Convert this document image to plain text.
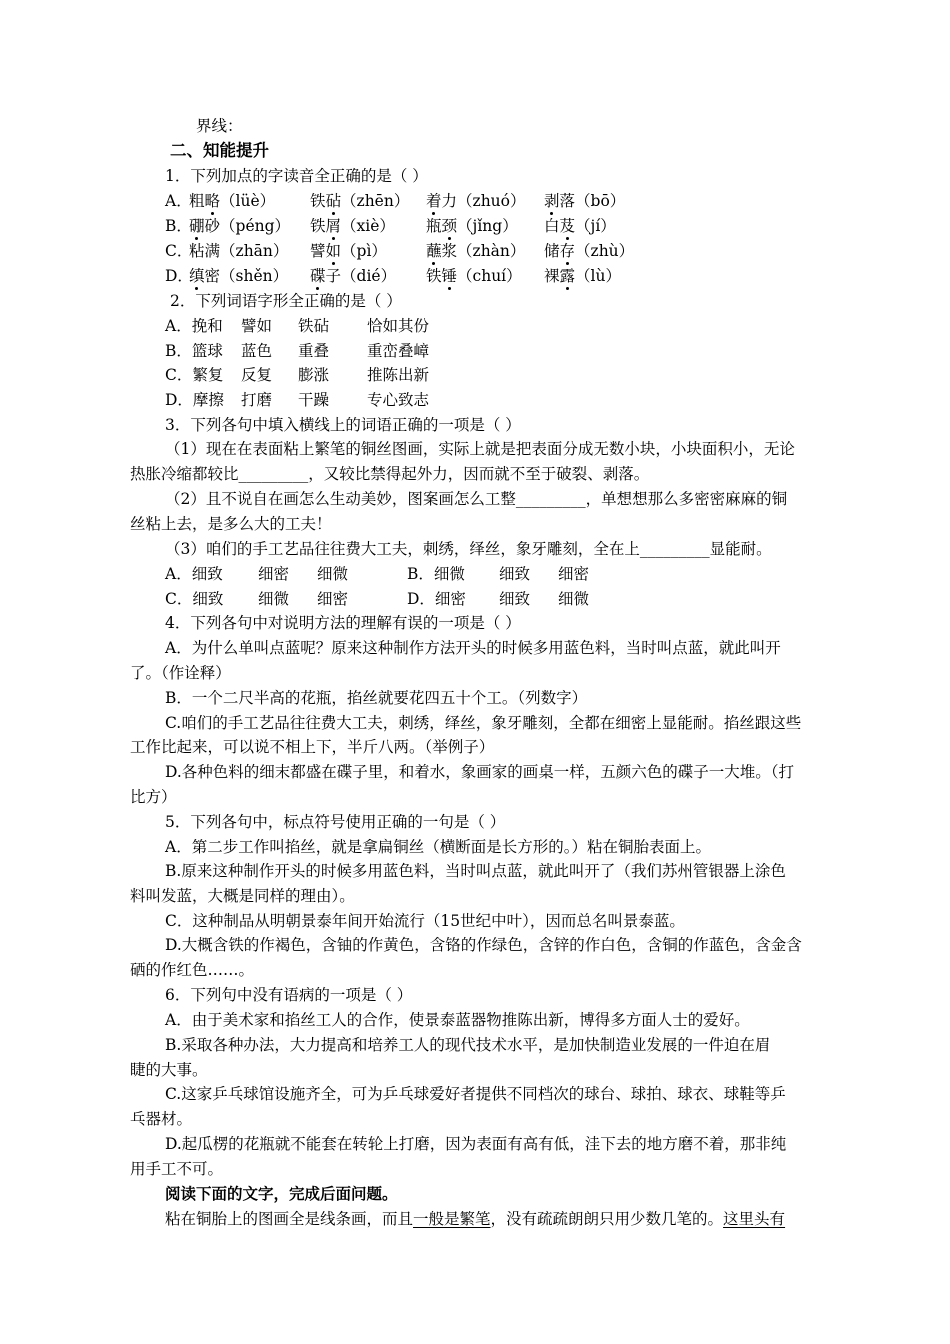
界线：
二、知能提升
1．下列加点的字读音全正确的是（ ）
A．
粗略（lüè） 铁砧（zhēn） 着力（zhuó） 剥落（bō）
B．
硼砂（péng） 铁屑（xiè） 瓶颈（jǐng） 白芨（jí）
C．
粘满（zhān） 譬如（pì）	蘸浆（zhàn） 储存（zhù）
D．
缜密（shěn） 碟子（dié） 铁锤（chuí） 裸露（lù）
2．下列词语字形全正确的是（ ）
A．挽和 譬如 铁砧 恰如其份
B．篮球 蓝色 重叠 重峦叠嶂
C．繁复 反复 膨涨 推陈出新
D．摩擦 打磨 干躁 专心致志
3．下列各句中填入横线上的词语正确的一项是（ ）
（1）现在在表面粘上繁笔的铜丝图画，实际上就是把表面分成无数小块，小块面积小，无论
热胀冷缩都较比_________，又较比禁得起外力，因而就不至于破裂、剥落。
（2）且不说自在画怎么生动美妙，图案画怎么工整_________，单想想那么多密密麻麻的铜
丝粘上去，是多么大的工夫！
（3）咱们的手工艺品往往费大工夫，刺绣，绎丝，象牙雕刻，全在上_________显能耐。
A．细致 细密 细微	B．细微 细致 细密
C．细致 细微 细密	D．细密 细致 细微
4．下列各句中对说明方法的理解有误的一项是（ ）
A．为什么单叫点蓝呢？原来这种制作方法开头的时候多用蓝色料，当时叫点蓝，就此叫开
了。（作诠释）
B．一个二尺半高的花瓶，掐丝就要花四五十个工。（列数字）
C.咱们的手工艺品往往费大工夫，刺绣，绎丝，象牙雕刻，全都在细密上显能耐。掐丝跟这些
工作比起来，可以说不相上下，半斤八两。（举例子）
D.各种色料的细末都盛在碟子里，和着水，象画家的画桌一样，五颜六色的碟子一大堆。（打
比方）
5．下列各句中，标点符号使用正确的一句是（ ）
A．第二步工作叫掐丝，就是拿扁铜丝（横断面是长方形的。）粘在铜胎表面上。
B.原来这种制作开头的时候多用蓝色料，当时叫点蓝，就此叫开了（我们苏州管银器上涂色
料叫发蓝，大概是同样的理由）。
C．这种制品从明朝景泰年间开始流行（15世纪中叶），因而总名叫景泰蓝。
D.大概含铁的作褐色，含铀的作黄色，含铬的作绿色，含锌的作白色，含铜的作蓝色，含金含
硒的作红色……。
6．下列句中没有语病的一项是（ ）
A．由于美术家和掐丝工人的合作，使景泰蓝器物推陈出新，博得多方面人士的爱好。
B.采取各种办法，大力提高和培养工人的现代技术水平，是加快制造业发展的一件迫在眉
睫的大事。
C.这家乒乓球馆设施齐全，可为乒乓球爱好者提供不同档次的球台、球拍、球衣、球鞋等乒
乓器材。
D.起瓜楞的花瓶就不能套在转轮上打磨，因为表面有高有低，洼下去的地方磨不着，那非纯
用手工不可。
阅读下面的文字，完成后面问题。
粘在铜胎上的图画全是线条画，而且一般是繁笔，没有疏疏朗朗只用少数几笔的。这里头有
